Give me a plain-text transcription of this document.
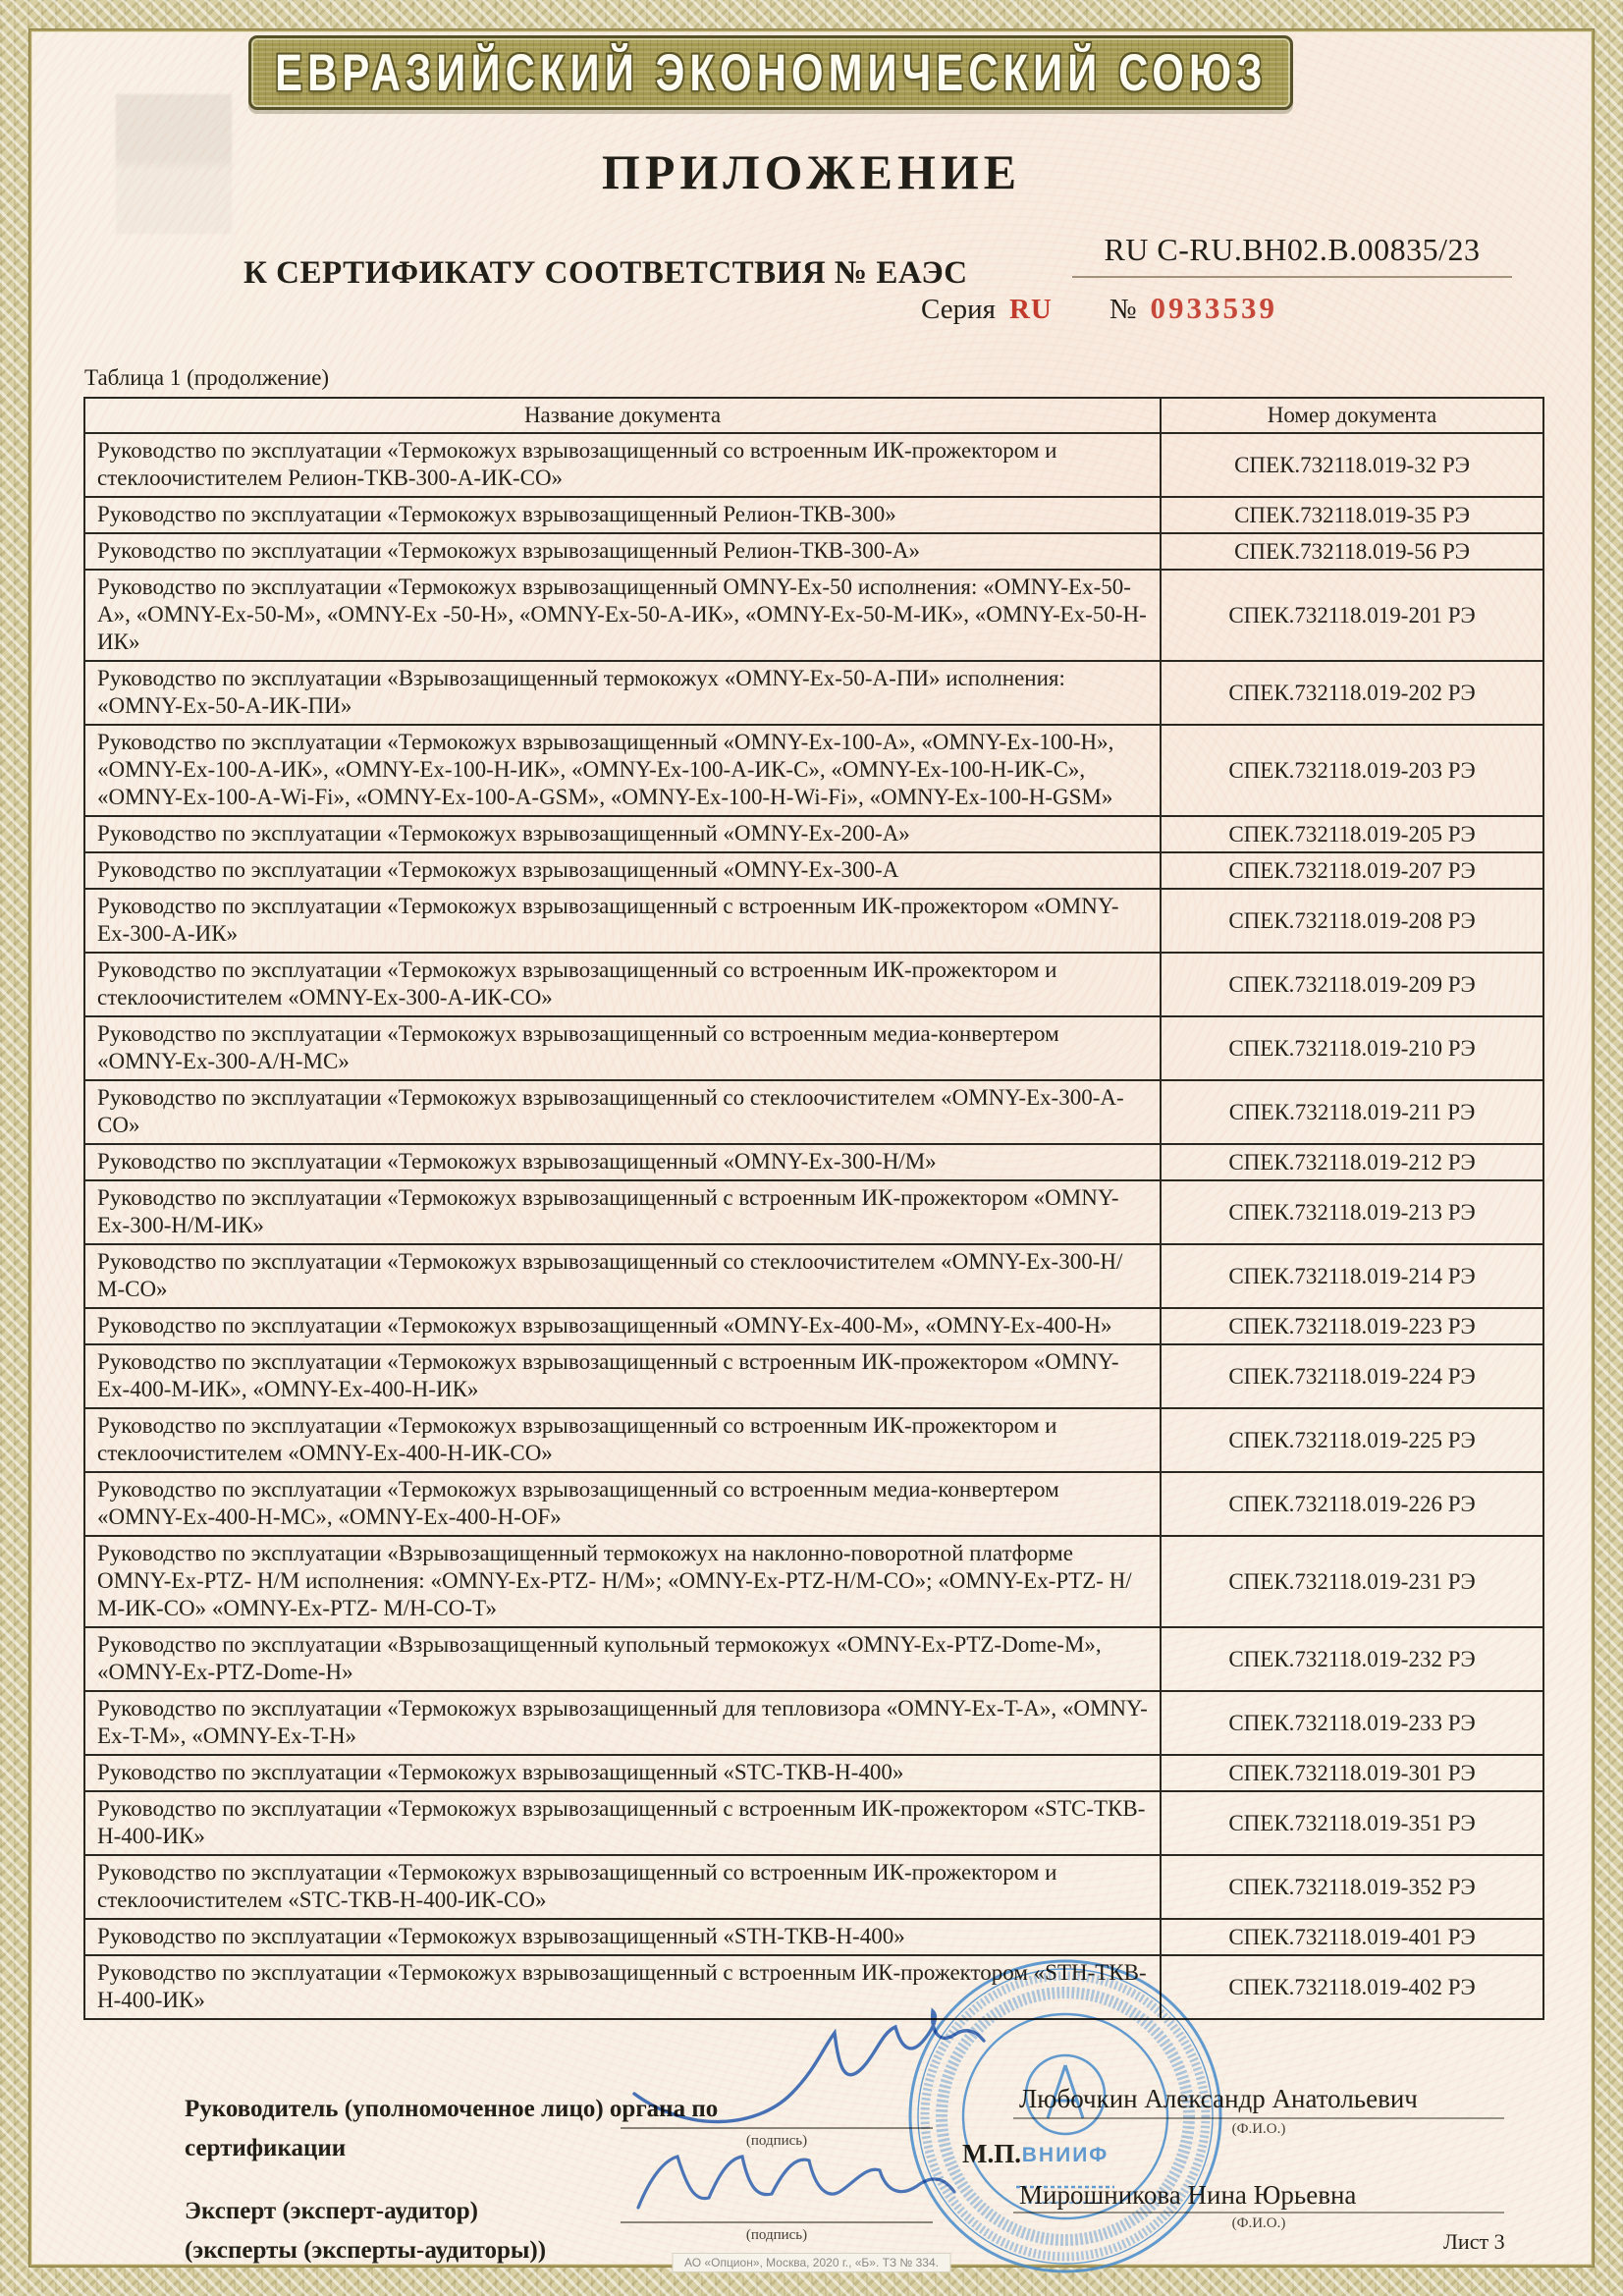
ЕВРАЗИЙСКИЙ ЭКОНОМИЧЕСКИЙ СОЮЗ
ПРИЛОЖЕНИЕ
К СЕРТИФИКАТУ СООТВЕТСТВИЯ № ЕАЭС
RU C-RU.BH02.B.00835/23
Серия RU № 0933539
Таблица 1 (продолжение)
Название документа	Номер документа
Руководство по эксплуатации «Термокожух взрывозащищенный со встроенным ИК-прожектором и стеклоочистителем Релион-ТКВ-300-А-ИК-СО»	СПЕК.732118.019-32 РЭ
Руководство по эксплуатации «Термокожух взрывозащищенный Релион-ТКВ-300»	СПЕК.732118.019-35 РЭ
Руководство по эксплуатации «Термокожух взрывозащищенный Релион-ТКВ-300-А»	СПЕК.732118.019-56 РЭ
Руководство по эксплуатации «Термокожух взрывозащищенный OMNY-Ex-50 исполнения: «OMNY-Ex-50-A», «OMNY-Ex-50-M», «OMNY-Ex -50-H», «OMNY-Ex-50-A-ИК», «OMNY-Ex-50-M-ИК», «OMNY-Ex-50-H-ИК»	СПЕК.732118.019-201 РЭ
Руководство по эксплуатации «Взрывозащищенный термокожух «OMNY-Ex-50-A-ПИ» исполнения: «OMNY-Ex-50-A-ИК-ПИ»	СПЕК.732118.019-202 РЭ
Руководство по эксплуатации «Термокожух взрывозащищенный «OMNY-Ex-100-A», «OMNY-Ex-100-H», «OMNY-Ex-100-A-ИК», «OMNY-Ex-100-H-ИК», «OMNY-Ex-100-А-ИК-С», «OMNY-Ex-100-Н-ИК-С», «OMNY-Ex-100-A-Wi-Fi», «OMNY-Ex-100-A-GSM», «OMNY-Ex-100-H-Wi-Fi», «OMNY-Ex-100-H-GSM»	СПЕК.732118.019-203 РЭ
Руководство по эксплуатации «Термокожух взрывозащищенный «OMNY-Ex-200-A»	СПЕК.732118.019-205 РЭ
Руководство по эксплуатации «Термокожух взрывозащищенный «OMNY-Ex-300-A	СПЕК.732118.019-207 РЭ
Руководство по эксплуатации «Термокожух взрывозащищенный с встроенным ИК-прожектором «OMNY-Ex-300-А-ИК»	СПЕК.732118.019-208 РЭ
Руководство по эксплуатации «Термокожух взрывозащищенный со встроенным ИК-прожектором и стеклоочистителем «OMNY-Ex-300-А-ИК-СО»	СПЕК.732118.019-209 РЭ
Руководство по эксплуатации «Термокожух взрывозащищенный со встроенным медиа-конвертером «OMNY-Ex-300-А/Н-МС»	СПЕК.732118.019-210 РЭ
Руководство по эксплуатации «Термокожух взрывозащищенный со стеклоочистителем «OMNY-Ex-300-А-СО»	СПЕК.732118.019-211 РЭ
Руководство по эксплуатации «Термокожух взрывозащищенный «OMNY-Ex-300-Н/М»	СПЕК.732118.019-212 РЭ
Руководство по эксплуатации «Термокожух взрывозащищенный с встроенным ИК-прожектором «OMNY-Ex-300-Н/М-ИК»	СПЕК.732118.019-213 РЭ
Руководство по эксплуатации «Термокожух взрывозащищенный со стеклоочистителем «OMNY-Ex-300-Н/М-СО»	СПЕК.732118.019-214 РЭ
Руководство по эксплуатации «Термокожух взрывозащищенный «OMNY-Ex-400-М», «OMNY-Ex-400-Н»	СПЕК.732118.019-223 РЭ
Руководство по эксплуатации «Термокожух взрывозащищенный с встроенным ИК-прожектором «OMNY-Ex-400-М-ИК», «OMNY-Ex-400-Н-ИК»	СПЕК.732118.019-224 РЭ
Руководство по эксплуатации «Термокожух взрывозащищенный со встроенным ИК-прожектором и стеклоочистителем «OMNY-Ex-400-Н-ИК-СО»	СПЕК.732118.019-225 РЭ
Руководство по эксплуатации «Термокожух взрывозащищенный со встроенным медиа-конвертером «OMNY-Ex-400-Н-МС», «OMNY-Ex-400-H-OF»	СПЕК.732118.019-226 РЭ
Руководство по эксплуатации «Взрывозащищенный термокожух на наклонно-поворотной платформе OMNY-Ex-PTZ- Н/М исполнения: «OMNY-Ex-PTZ- Н/М»; «OMNY-Ex-PTZ-Н/М-СО»; «OMNY-Ex-PTZ- Н/М-ИК-СО» «OMNY-Ex-PTZ- М/Н-СО-Т»	СПЕК.732118.019-231 РЭ
Руководство по эксплуатации «Взрывозащищенный купольный термокожух «OMNY-Ex-PTZ-Dome-M», «OMNY-Ex-PTZ-Dome-H»	СПЕК.732118.019-232 РЭ
Руководство по эксплуатации «Термокожух взрывозащищенный для тепловизора «OMNY-Ex-T-A», «OMNY-Ex-T-M», «OMNY-Ex-T-H»	СПЕК.732118.019-233 РЭ
Руководство по эксплуатации «Термокожух взрывозащищенный «STC-ТКВ-Н-400»	СПЕК.732118.019-301 РЭ
Руководство по эксплуатации «Термокожух взрывозащищенный с встроенным ИК-прожектором «STC-ТКВ-Н-400-ИК»	СПЕК.732118.019-351 РЭ
Руководство по эксплуатации «Термокожух взрывозащищенный со встроенным ИК-прожектором и стеклоочистителем «STC-ТКВ-Н-400-ИК-СО»	СПЕК.732118.019-352 РЭ
Руководство по эксплуатации «Термокожух взрывозащищенный «STH-ТКВ-Н-400»	СПЕК.732118.019-401 РЭ
Руководство по эксплуатации «Термокожух взрывозащищенный с встроенным ИК-прожектором «STH-ТКВ-Н-400-ИК»	СПЕК.732118.019-402 РЭ
Руководитель (уполномоченное лицо) органа по сертификации
Эксперт (эксперт-аудитор)
(эксперты (эксперты-аудиторы))
(подпись)
(подпись)
Любочкин Александр Анатольевич
(Ф.И.О.)
Мирошникова Нина Юрьевна
(Ф.И.О.)
М.П.
Лист 3
АО «Опцион», Москва, 2020 г., «Б». ТЗ № 334.
ВНИИФ
